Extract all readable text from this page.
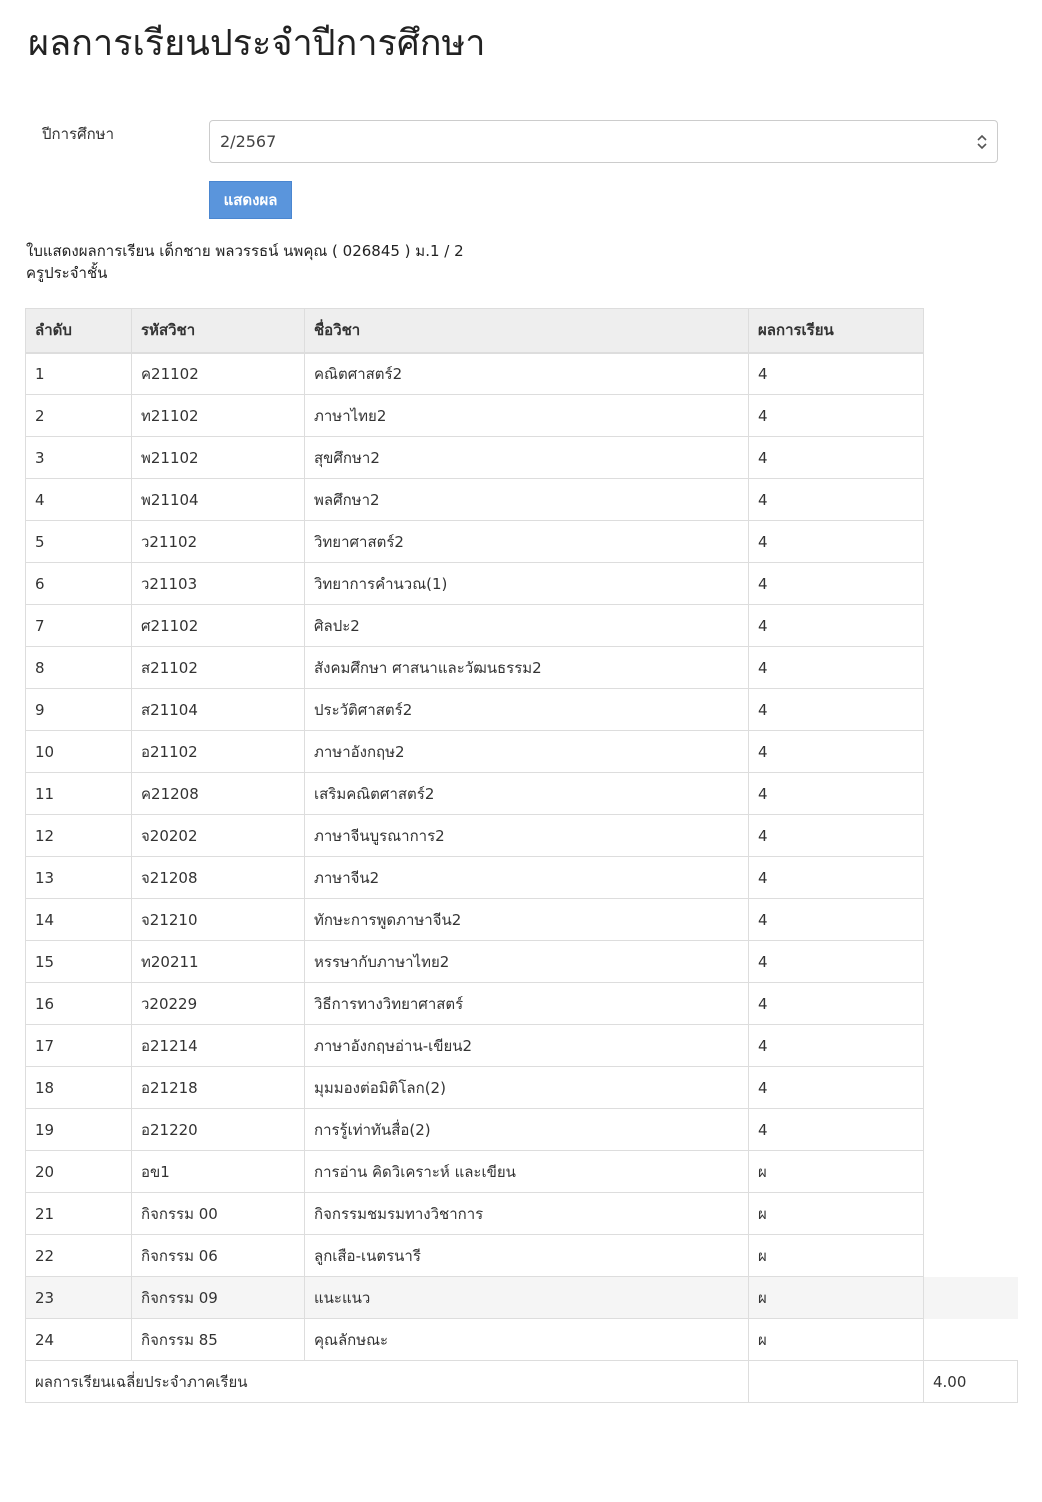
ผลการเรียนประจำปีการศึกษา
ปีการศึกษา	2/2567
แสดงผล
ใบแสดงผลการเรียน เด็กชาย พลวรรธน์ นพคุณ ( 026845 ) ม.1 / 2
ครูประจำชั้น
ลำดับ	รหัสวิชา	ชื่อวิชา	ผลการเรียน	
1	ค21102	คณิตศาสตร์2	4	
2	ท21102	ภาษาไทย2	4	
3	พ21102	สุขศึกษา2	4	
4	พ21104	พลศึกษา2	4	
5	ว21102	วิทยาศาสตร์2	4	
6	ว21103	วิทยาการคำนวณ(1)	4	
7	ศ21102	ศิลปะ2	4	
8	ส21102	สังคมศึกษา ศาสนาและวัฒนธรรม2	4	
9	ส21104	ประวัติศาสตร์2	4	
10	อ21102	ภาษาอังกฤษ2	4	
11	ค21208	เสริมคณิตศาสตร์2	4	
12	จ20202	ภาษาจีนบูรณาการ2	4	
13	จ21208	ภาษาจีน2	4	
14	จ21210	ทักษะการพูดภาษาจีน2	4	
15	ท20211	หรรษากับภาษาไทย2	4	
16	ว20229	วิธีการทางวิทยาศาสตร์	4	
17	อ21214	ภาษาอังกฤษอ่าน-เขียน2	4	
18	อ21218	มุมมองต่อมิติโลก(2)	4	
19	อ21220	การรู้เท่าทันสื่อ(2)	4	
20	อข1	การอ่าน คิดวิเคราะห์ และเขียน	ผ	
21	กิจกรรม 00	กิจกรรมชมรมทางวิชาการ	ผ	
22	กิจกรรม 06	ลูกเสือ-เนตรนารี	ผ	
23	กิจกรรม 09	แนะแนว	ผ	
24	กิจกรรม 85	คุณลักษณะ	ผ	
ผลการเรียนเฉลี่ยประจำภาคเรียน				4.00
